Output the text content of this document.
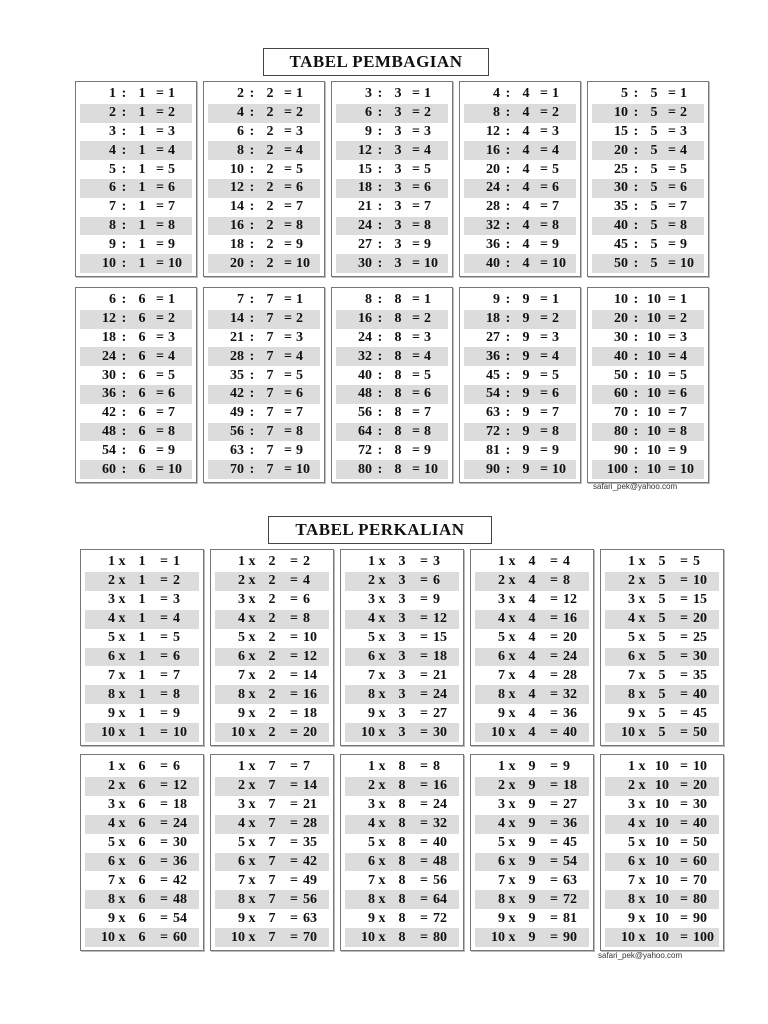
TABEL PEMBAGIAN
1 : 1 = 1
2 : 1 = 2
3 : 1 = 3
4 : 1 = 4
5 : 1 = 5
6 : 1 = 6
7 : 1 = 7
8 : 1 = 8
9 : 1 = 9
10 : 1 = 10
2 : 2 = 1
4 : 2 = 2
6 : 2 = 3
8 : 2 = 4
10 : 2 = 5
12 : 2 = 6
14 : 2 = 7
16 : 2 = 8
18 : 2 = 9
20 : 2 = 10
3 : 3 = 1
6 : 3 = 2
9 : 3 = 3
12 : 3 = 4
15 : 3 = 5
18 : 3 = 6
21 : 3 = 7
24 : 3 = 8
27 : 3 = 9
30 : 3 = 10
4 : 4 = 1
8 : 4 = 2
12 : 4 = 3
16 : 4 = 4
20 : 4 = 5
24 : 4 = 6
28 : 4 = 7
32 : 4 = 8
36 : 4 = 9
40 : 4 = 10
5 : 5 = 1
10 : 5 = 2
15 : 5 = 3
20 : 5 = 4
25 : 5 = 5
30 : 5 = 6
35 : 5 = 7
40 : 5 = 8
45 : 5 = 9
50 : 5 = 10
6 : 6 = 1
12 : 6 = 2
18 : 6 = 3
24 : 6 = 4
30 : 6 = 5
36 : 6 = 6
42 : 6 = 7
48 : 6 = 8
54 : 6 = 9
60 : 6 = 10
7 : 7 = 1
14 : 7 = 2
21 : 7 = 3
28 : 7 = 4
35 : 7 = 5
42 : 7 = 6
49 : 7 = 7
56 : 7 = 8
63 : 7 = 9
70 : 7 = 10
8 : 8 = 1
16 : 8 = 2
24 : 8 = 3
32 : 8 = 4
40 : 8 = 5
48 : 8 = 6
56 : 8 = 7
64 : 8 = 8
72 : 8 = 9
80 : 8 = 10
9 : 9 = 1
18 : 9 = 2
27 : 9 = 3
36 : 9 = 4
45 : 9 = 5
54 : 9 = 6
63 : 9 = 7
72 : 9 = 8
81 : 9 = 9
90 : 9 = 10
10 : 10 = 1
20 : 10 = 2
30 : 10 = 3
40 : 10 = 4
50 : 10 = 5
60 : 10 = 6
70 : 10 = 7
80 : 10 = 8
90 : 10 = 9
100 : 10 = 10
safari_pek@yahoo.com
TABEL PERKALIAN
1 x 1	= 1
2 x 1	= 2
3 x 1	= 3
4 x 1	= 4
5 x 1	= 5
6 x 1	= 6
7 x 1	= 7
8 x 1	= 8
9 x 1	= 9
10 x 1	= 10
1 x 2	= 2
2 x 2	= 4
3 x 2	= 6
4 x 2	= 8
5 x 2	= 10
6 x 2	= 12
7 x 2	= 14
8 x 2	= 16
9 x 2	= 18
10 x 2	= 20
1 x 3	= 3
2 x 3	= 6
3 x 3	= 9
4 x 3	= 12
5 x 3	= 15
6 x 3	= 18
7 x 3	= 21
8 x 3	= 24
9 x 3	= 27
10 x 3	= 30
1 x 4	= 4
2 x 4	= 8
3 x 4	= 12
4 x 4	= 16
5 x 4	= 20
6 x 4	= 24
7 x 4	= 28
8 x 4	= 32
9 x 4	= 36
10 x 4	= 40
1 x 5	= 5
2 x 5	= 10
3 x 5	= 15
4 x 5	= 20
5 x 5	= 25
6 x 5	= 30
7 x 5	= 35
8 x 5	= 40
9 x 5	= 45
10 x 5	= 50
1 x 6	= 6
2 x 6	= 12
3 x 6	= 18
4 x 6	= 24
5 x 6	= 30
6 x 6	= 36
7 x 6	= 42
8 x 6	= 48
9 x 6	= 54
10 x 6	= 60
1 x 7	= 7
2 x 7	= 14
3 x 7	= 21
4 x 7	= 28
5 x 7	= 35
6 x 7	= 42
7 x 7	= 49
8 x 7	= 56
9 x 7	= 63
10 x 7	= 70
1 x 8	= 8
2 x 8	= 16
3 x 8	= 24
4 x 8	= 32
5 x 8	= 40
6 x 8	= 48
7 x 8	= 56
8 x 8	= 64
9 x 8	= 72
10 x 8	= 80
1 x 9	= 9
2 x 9	= 18
3 x 9	= 27
4 x 9	= 36
5 x 9	= 45
6 x 9	= 54
7 x 9	= 63
8 x 9	= 72
9 x 9	= 81
10 x 9	= 90
1 x 10 = 10
2 x 10 = 20
3 x 10 = 30
4 x 10 = 40
5 x 10 = 50
6 x 10 = 60
7 x 10 = 70
8 x 10 = 80
9 x 10 = 90
10 x 10 = 100
safari_pek@yahoo.com
